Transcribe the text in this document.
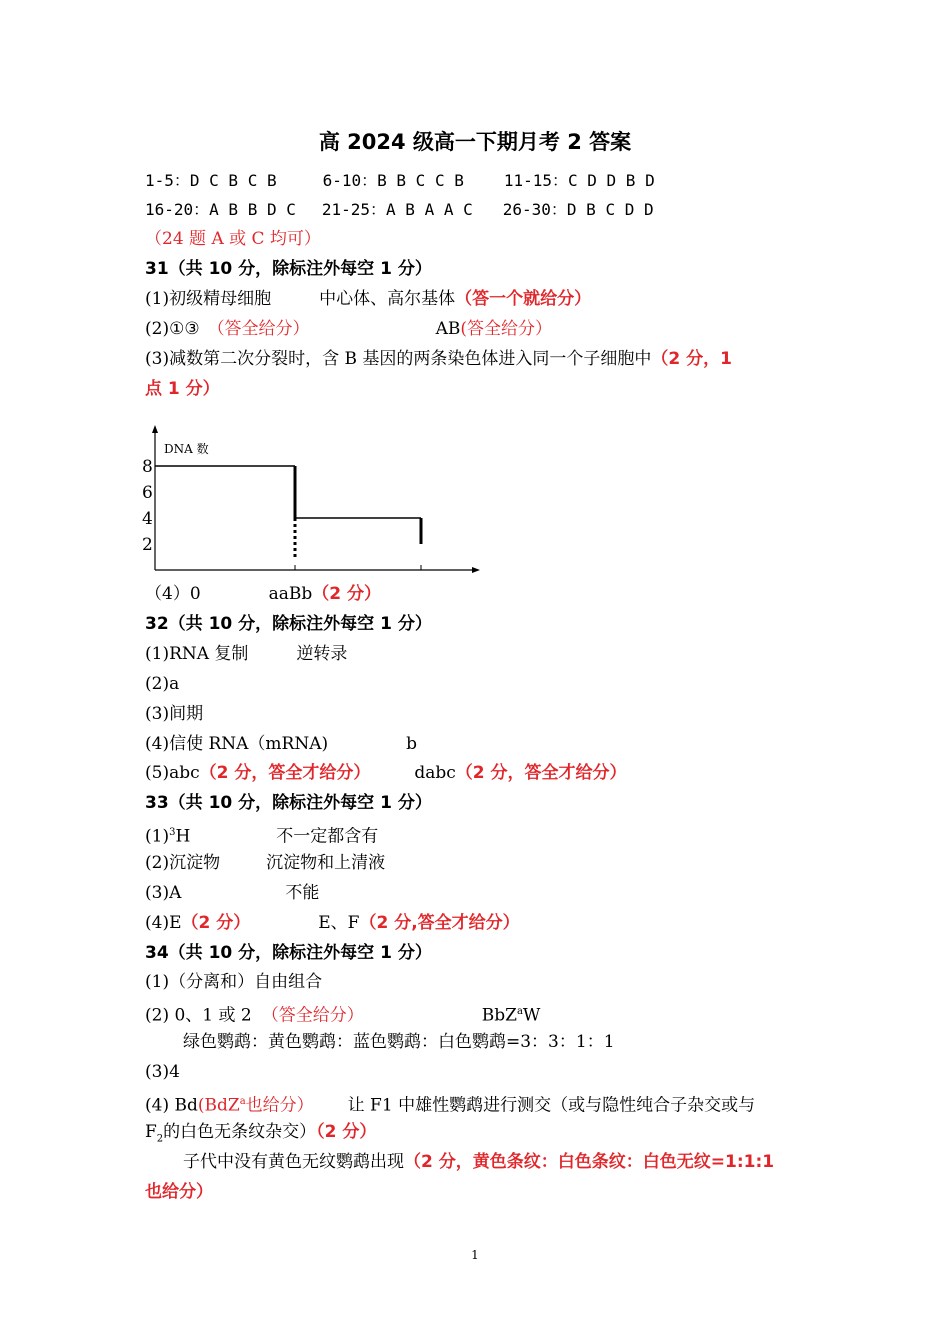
高 2024 级高一下期月考 2 答案
1-5：D C B C B	6-10：B B C C B	11-15：C D D B D
16-20：A B B D C 21-25：A B A A C 26-30：D B C D D
（24 题 A 或 C 均可）
31（共 10 分，除标注外每空 1 分）
(1)初级精母细胞	中心体、高尔基体（答一个就给分）
(2)①③ （答全给分）	AB(答全给分）
(3)减数第二次分裂时，含 B 基因的两条染色体进入同一个子细胞中（2 分，1
点 1 分）
DNA 数
8
6
4
2
（4）0	aaBb（2 分）
32（共 10 分，除标注外每空 1 分）
(1)RNA 复制	逆转录
(2)a
(3)间期
(4)信使 RNA（mRNA)	b
(5)abc（2 分，答全才给分）	dabc（2 分，答全才给分）
33（共 10 分，除标注外每空 1 分）
$(1)^3H$	不一定都含有
(2)沉淀物	沉淀物和上清液
(3)A	不能
(4)E（2 分）	E、F（2 分,答全才给分）
34（共 10 分，除标注外每空 1 分）
(1)（分离和）自由组合
(2) 0、1 或 2 （答全给分）	BbZ$^a$W
绿色鹦鹉：黄色鹦鹉：蓝色鹦鹉：白色鹦鹉=3：3：1：1
(3)4
(4) Bd(BdZ$^a$也给分） 让 F1 中雄性鹦鹉进行测交（或与隐性纯合子杂交或与
$F_2$的白色无条纹杂交）（2 分）
子代中没有黄色无纹鹦鹉出现（2 分，黄色条纹：白色条纹：白色无纹=1:1:1
也给分）
1
